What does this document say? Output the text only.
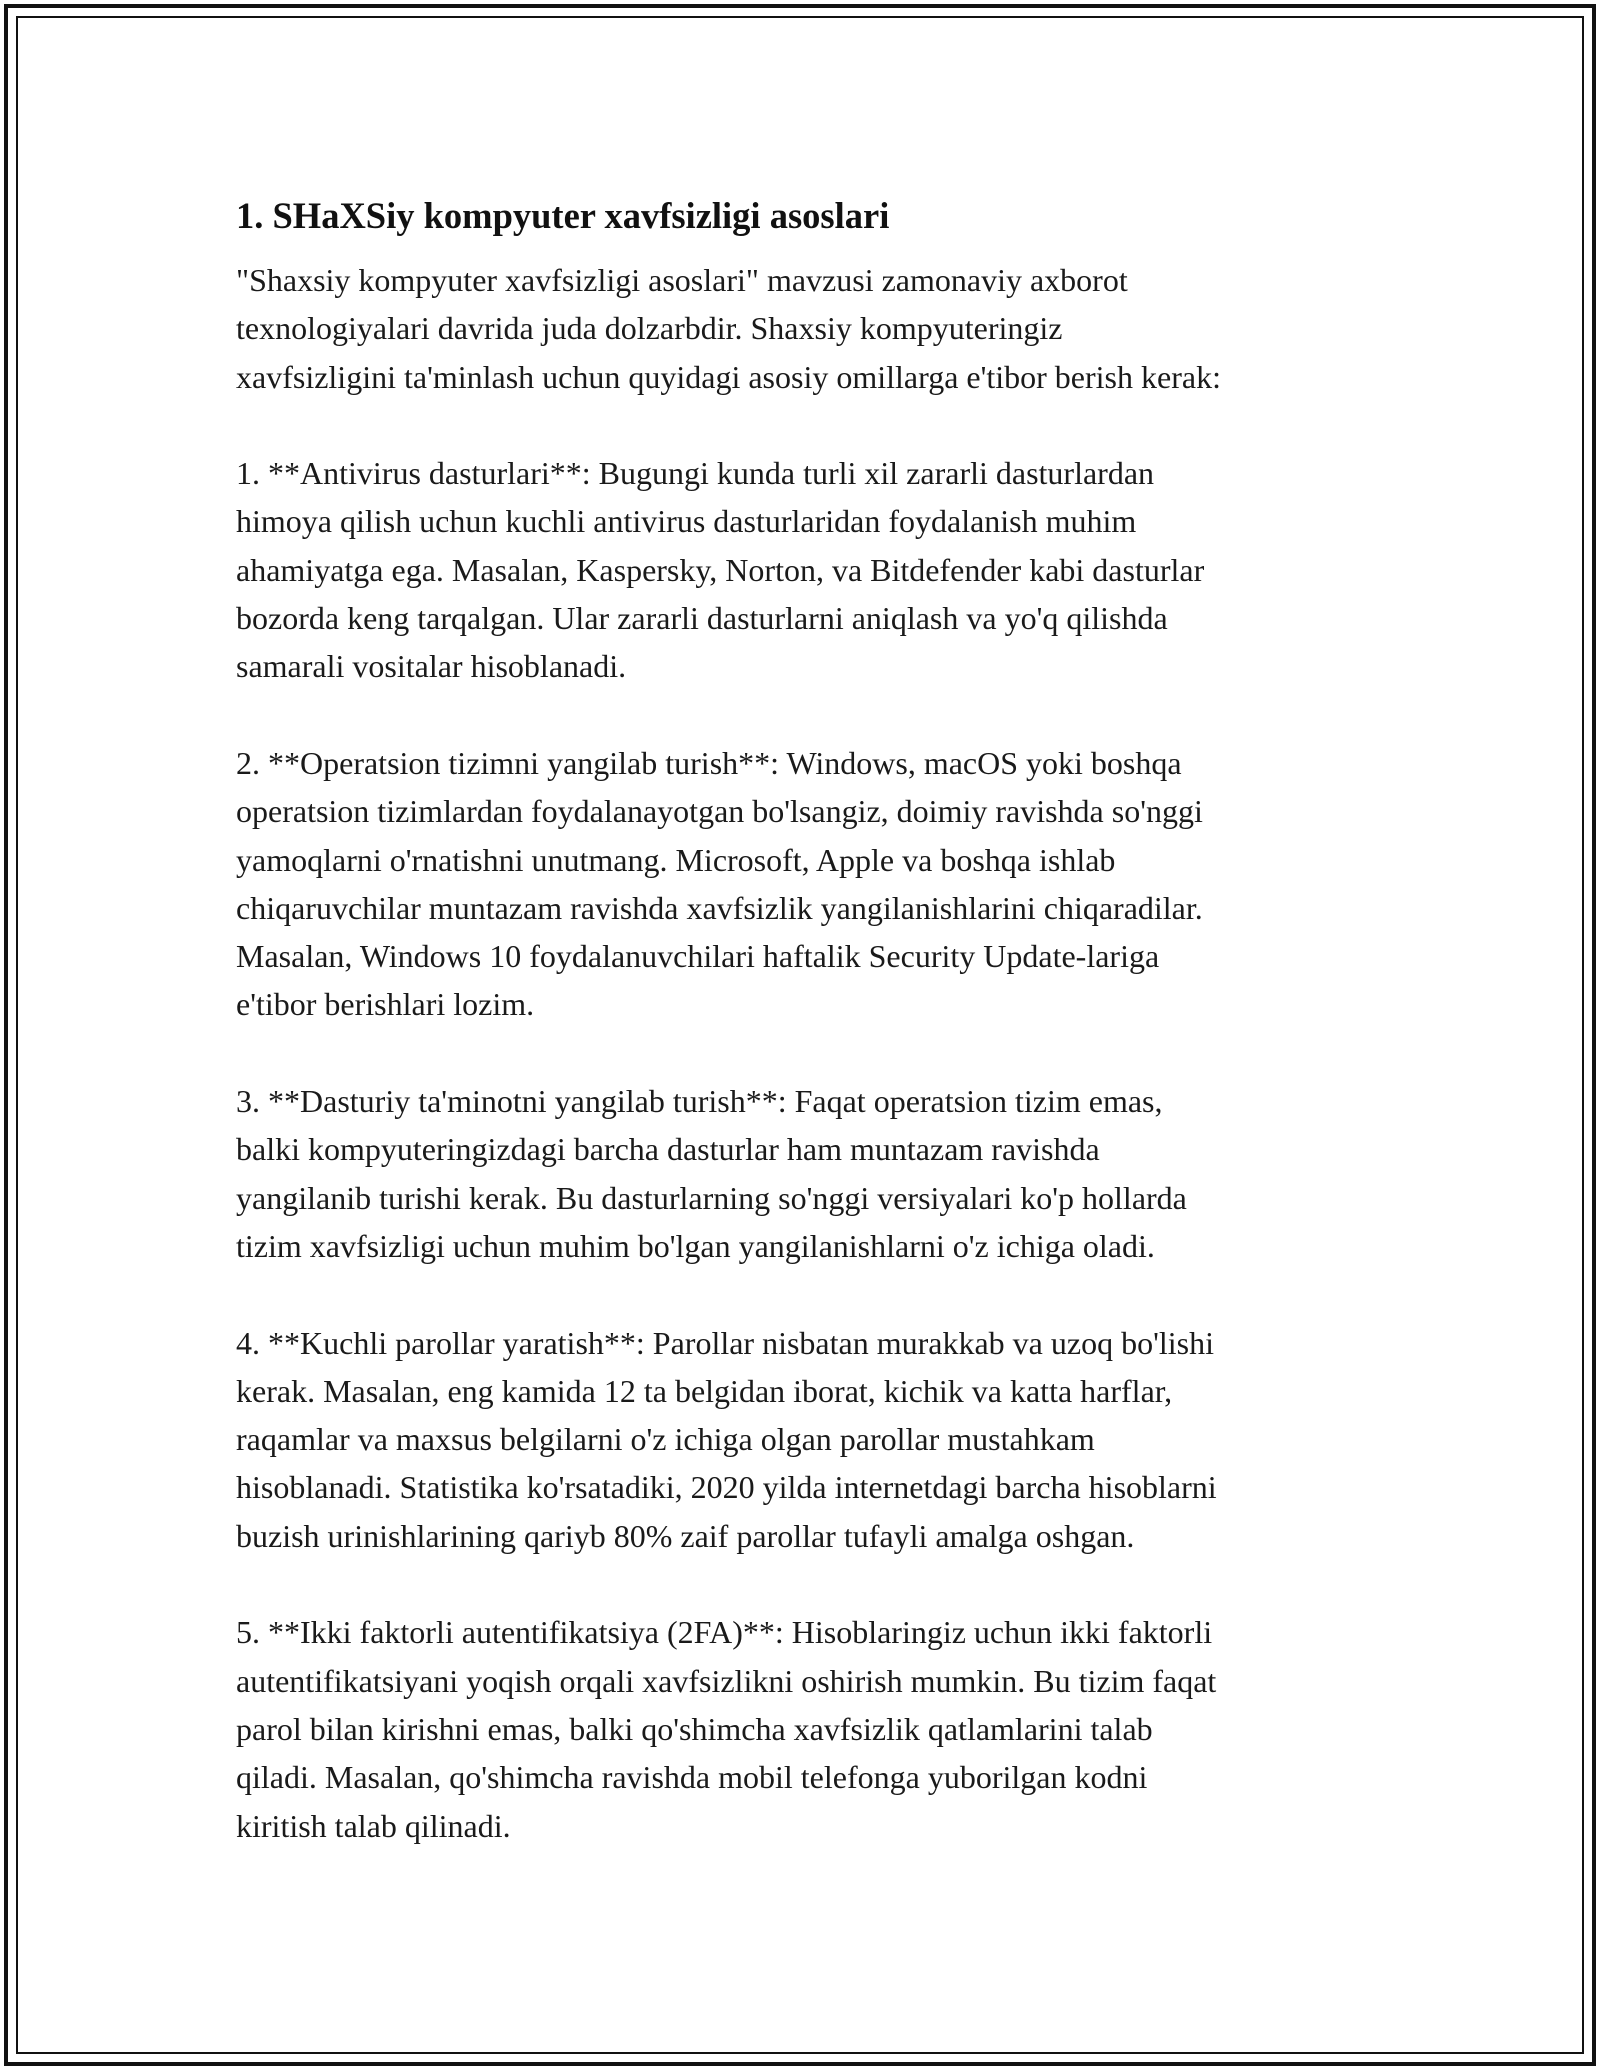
1. SHaXSiy kompyuter xavfsizligi asoslari
"Shaxsiy kompyuter xavfsizligi asoslari" mavzusi zamonaviy axborot
texnologiyalari davrida juda dolzarbdir. Shaxsiy kompyuteringiz
xavfsizligini ta'minlash uchun quyidagi asosiy omillarga e'tibor berish kerak:
1. **Antivirus dasturlari**: Bugungi kunda turli xil zararli dasturlardan
himoya qilish uchun kuchli antivirus dasturlaridan foydalanish muhim
ahamiyatga ega. Masalan, Kaspersky, Norton, va Bitdefender kabi dasturlar
bozorda keng tarqalgan. Ular zararli dasturlarni aniqlash va yo'q qilishda
samarali vositalar hisoblanadi.
2. **Operatsion tizimni yangilab turish**: Windows, macOS yoki boshqa
operatsion tizimlardan foydalanayotgan bo'lsangiz, doimiy ravishda so'nggi
yamoqlarni o'rnatishni unutmang. Microsoft, Apple va boshqa ishlab
chiqaruvchilar muntazam ravishda xavfsizlik yangilanishlarini chiqaradilar.
Masalan, Windows 10 foydalanuvchilari haftalik Security Update-lariga
e'tibor berishlari lozim.
3. **Dasturiy ta'minotni yangilab turish**: Faqat operatsion tizim emas,
balki kompyuteringizdagi barcha dasturlar ham muntazam ravishda
yangilanib turishi kerak. Bu dasturlarning so'nggi versiyalari ko'p hollarda
tizim xavfsizligi uchun muhim bo'lgan yangilanishlarni o'z ichiga oladi.
4. **Kuchli parollar yaratish**: Parollar nisbatan murakkab va uzoq bo'lishi
kerak. Masalan, eng kamida 12 ta belgidan iborat, kichik va katta harflar,
raqamlar va maxsus belgilarni o'z ichiga olgan parollar mustahkam
hisoblanadi. Statistika ko'rsatadiki, 2020 yilda internetdagi barcha hisoblarni
buzish urinishlarining qariyb 80% zaif parollar tufayli amalga oshgan.
5. **Ikki faktorli autentifikatsiya (2FA)**: Hisoblaringiz uchun ikki faktorli
autentifikatsiyani yoqish orqali xavfsizlikni oshirish mumkin. Bu tizim faqat
parol bilan kirishni emas, balki qo'shimcha xavfsizlik qatlamlarini talab
qiladi. Masalan, qo'shimcha ravishda mobil telefonga yuborilgan kodni
kiritish talab qilinadi.
